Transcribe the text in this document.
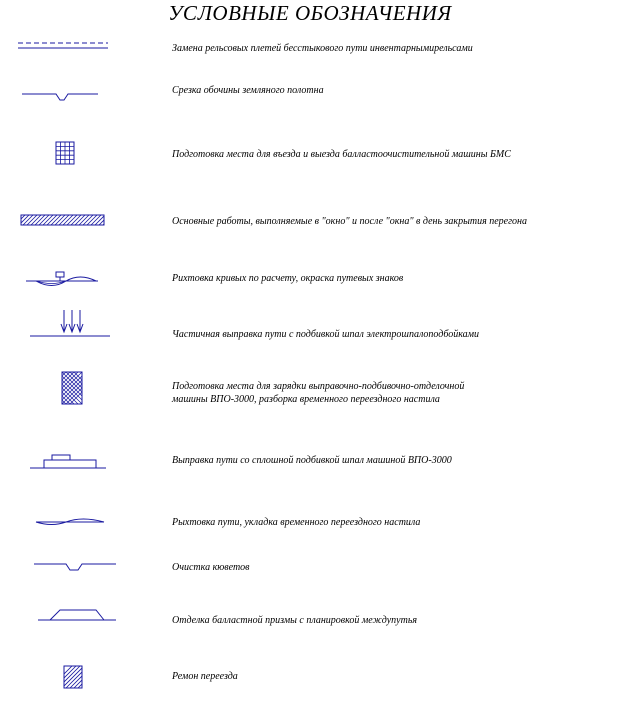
УСЛОВНЫЕ ОБОЗНАЧЕНИЯ
Замена рельсовых плетей бесстыкового пути инвентарнымирельсами
Срезка обочины земляного полотна
Подготовка места для въезда и выезда балластоочистительной машины БМС
Основные работы, выполняемые в "окно" и после "окна" в день закрытия перегона
Рихтовка кривых по расчету, окраска путевых знаков
Частичная выправка пути с подбивкой шпал электрошпалоподбойками
Подготовка места для зарядки выправочно-подбивочно-отделочной
машины ВПО-3000, разборка временного переездного настила
Выправка пути со сплошной подбивкой шпал машиной ВПО-3000
Рыхтовка пути, укладка временного переездного настила
Очистка кюветов
Отделка балластной призмы с планировкой междупутья
Ремон переезда
